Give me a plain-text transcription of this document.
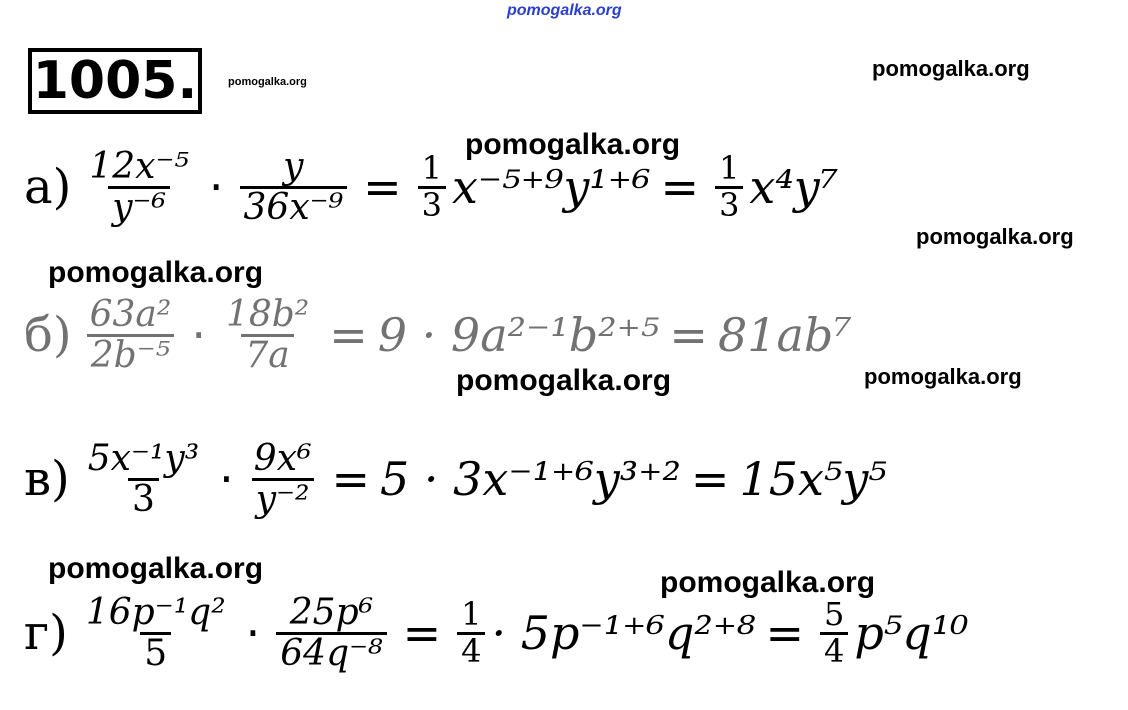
pomogalka.org
pomogalka.org
pomogalka.org
pomogalka.org
pomogalka.org
pomogalka.org
pomogalka.org	pomogalka.org
pomogalka.org	pomogalka.org
1005.
$а) \frac{\text{12x⁻⁵}}{\text{y⁻⁶}} \cdot \frac{y}{\text{36x⁻⁹}} = \frac{1}{3} x^{-5+9}y^{1+6} = \frac{1}{3} x^4y^7$
$б) \frac{\text{63a²}}{\text{2b⁻⁵}} \cdot \frac{\text{18b²}}{7a} = 9 \cdot 9a^{2-1}b^{2+5} = 81ab^7$
$в) \frac{\text{5x⁻¹y³}}{3} \cdot \frac{\text{9x⁶}}{\text{y⁻²}} = 5 \cdot 3x^{-1+6}y^{3+2} = 15x^5y^5$
$г) \frac{\text{16p⁻¹q²}}{5} \cdot \frac{\text{25p⁶}}{\text{64q⁻⁸}} = \frac{1}{4} \cdot 5p^{-1+6}q^{2+8} = \frac{5}{4} p^5q^{10}$
